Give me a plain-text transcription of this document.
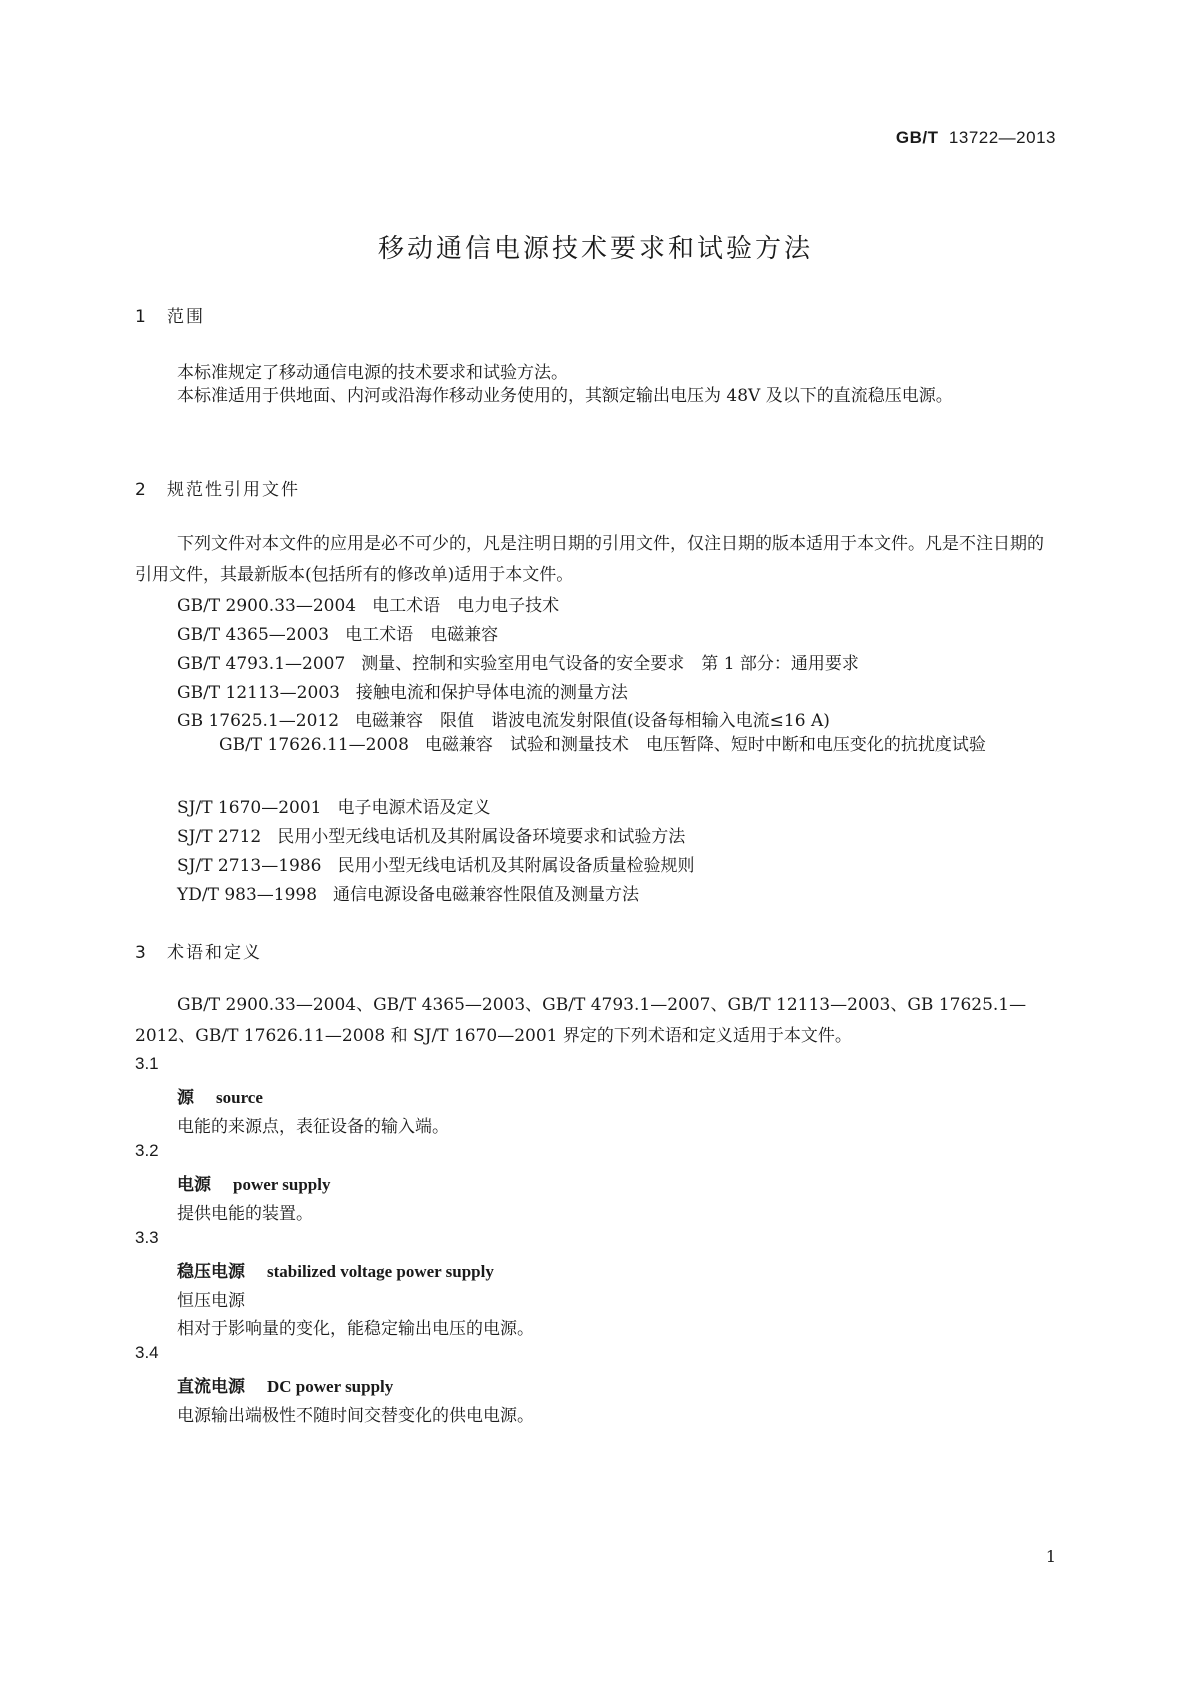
GB/T 13722—2013
移动通信电源技术要求和试验方法
1 范围
本标准规定了移动通信电源的技术要求和试验方法。
本标准适用于供地面、内河或沿海作移动业务使用的，其额定输出电压为 48V 及以下的直流稳压电源。
2 规范性引用文件
下列文件对本文件的应用是必不可少的，凡是注明日期的引用文件，仅注日期的版本适用于本文件。凡是不注日期的引用文件，其最新版本(包括所有的修改单)适用于本文件。
GB/T 2900.33—2004 电工术语　电力电子技术
GB/T 4365—2003 电工术语　电磁兼容
GB/T 4793.1—2007 测量、控制和实验室用电气设备的安全要求　第 1 部分：通用要求
GB/T 12113—2003 接触电流和保护导体电流的测量方法
GB 17625.1—2012 电磁兼容　限值　谐波电流发射限值(设备每相输入电流≤16 A)
GB/T 17626.11—2008 电磁兼容　试验和测量技术　电压暂降、短时中断和电压变化的抗扰度试验
SJ/T 1670—2001 电子电源术语及定义
SJ/T 2712 民用小型无线电话机及其附属设备环境要求和试验方法
SJ/T 2713—1986 民用小型无线电话机及其附属设备质量检验规则
YD/T 983—1998 通信电源设备电磁兼容性限值及测量方法
3 术语和定义
GB/T 2900.33—2004、GB/T 4365—2003、GB/T 4793.1—2007、GB/T 12113—2003、GB 17625.1—2012、GB/T 17626.11—2008 和 SJ/T 1670—2001 界定的下列术语和定义适用于本文件。
3.1
源 source
电能的来源点，表征设备的输入端。
3.2
电源 power supply
提供电能的装置。
3.3
稳压电源 stabilized voltage power supply
恒压电源
相对于影响量的变化，能稳定输出电压的电源。
3.4
直流电源 DC power supply
电源输出端极性不随时间交替变化的供电电源。
1
